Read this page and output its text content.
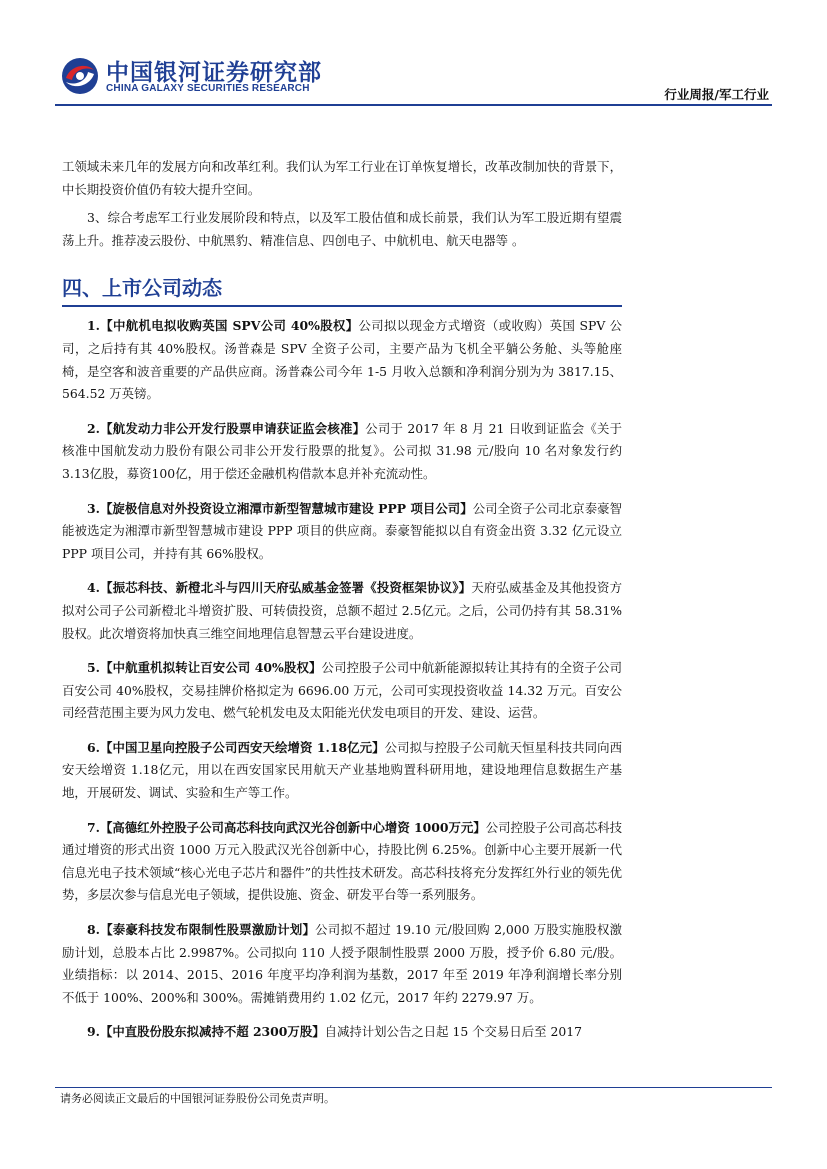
中国银河证券研究部
CHINA GALAXY SECURITIES RESEARCH	行业周报/军工行业

工领域未来几年的发展方向和改革红利。我们认为军工行业在订单恢复增长，改革改制加快的背景下，中长期投资价值仍有较大提升空间。

3、综合考虑军工行业发展阶段和特点，以及军工股估值和成长前景，我们认为军工股近期有望震荡上升。推荐凌云股份、中航黑豹、精准信息、四创电子、中航机电、航天电器等 。

四、上市公司动态

1.【中航机电拟收购英国 SPV公司 40%股权】公司拟以现金方式增资（或收购）英国 SPV 公司，之后持有其 40%股权。汤普森是 SPV 全资子公司，主要产品为飞机全平躺公务舱、头等舱座椅，是空客和波音重要的产品供应商。汤普森公司今年 1-5 月收入总额和净利润分别为为 3817.15、564.52 万英镑。

2.【航发动力非公开发行股票申请获证监会核准】公司于 2017 年 8 月 21 日收到证监会《关于核准中国航发动力股份有限公司非公开发行股票的批复》。公司拟 31.98 元/股向 10 名对象发行约 3.13亿股，募资100亿，用于偿还金融机构借款本息并补充流动性。

3.【旋极信息对外投资设立湘潭市新型智慧城市建设 PPP 项目公司】公司全资子公司北京泰豪智能被选定为湘潭市新型智慧城市建设 PPP 项目的供应商。泰豪智能拟以自有资金出资 3.32 亿元设立 PPP 项目公司，并持有其 66%股权。

4.【振芯科技、新橙北斗与四川天府弘威基金签署《投资框架协议》】天府弘威基金及其他投资方拟对公司子公司新橙北斗增资扩股、可转债投资，总额不超过 2.5亿元。之后，公司仍持有其 58.31%股权。此次增资将加快真三维空间地理信息智慧云平台建设进度。

5.【中航重机拟转让百安公司 40%股权】公司控股子公司中航新能源拟转让其持有的全资子公司百安公司 40%股权，交易挂牌价格拟定为 6696.00 万元，公司可实现投资收益 14.32 万元。百安公司经营范围主要为风力发电、燃气轮机发电及太阳能光伏发电项目的开发、建设、运营。

6.【中国卫星向控股子公司西安天绘增资 1.18亿元】公司拟与控股子公司航天恒星科技共同向西安天绘增资 1.18亿元，用以在西安国家民用航天产业基地购置科研用地，建设地理信息数据生产基地，开展研发、调试、实验和生产等工作。

7.【高德红外控股子公司高芯科技向武汉光谷创新中心增资 1000万元】公司控股子公司高芯科技通过增资的形式出资 1000 万元入股武汉光谷创新中心，持股比例 6.25%。创新中心主要开展新一代信息光电子技术领域“核心光电子芯片和器件”的共性技术研发。高芯科技将充分发挥红外行业的领先优势，多层次参与信息光电子领域，提供设施、资金、研发平台等一系列服务。

8.【泰豪科技发布限制性股票激励计划】公司拟不超过 19.10 元/股回购 2,000 万股实施股权激励计划，总股本占比 2.9987%。公司拟向 110 人授予限制性股票 2000 万股，授予价 6.80 元/股。业绩指标：以 2014、2015、2016 年度平均净利润为基数，2017 年至 2019 年净利润增长率分别不低于 100%、200%和 300%。需摊销费用约 1.02 亿元，2017 年约 2279.97 万。

9.【中直股份股东拟减持不超 2300万股】自减持计划公告之日起 15 个交易日后至 2017

请务必阅读正文最后的中国银河证券股份公司免责声明。
